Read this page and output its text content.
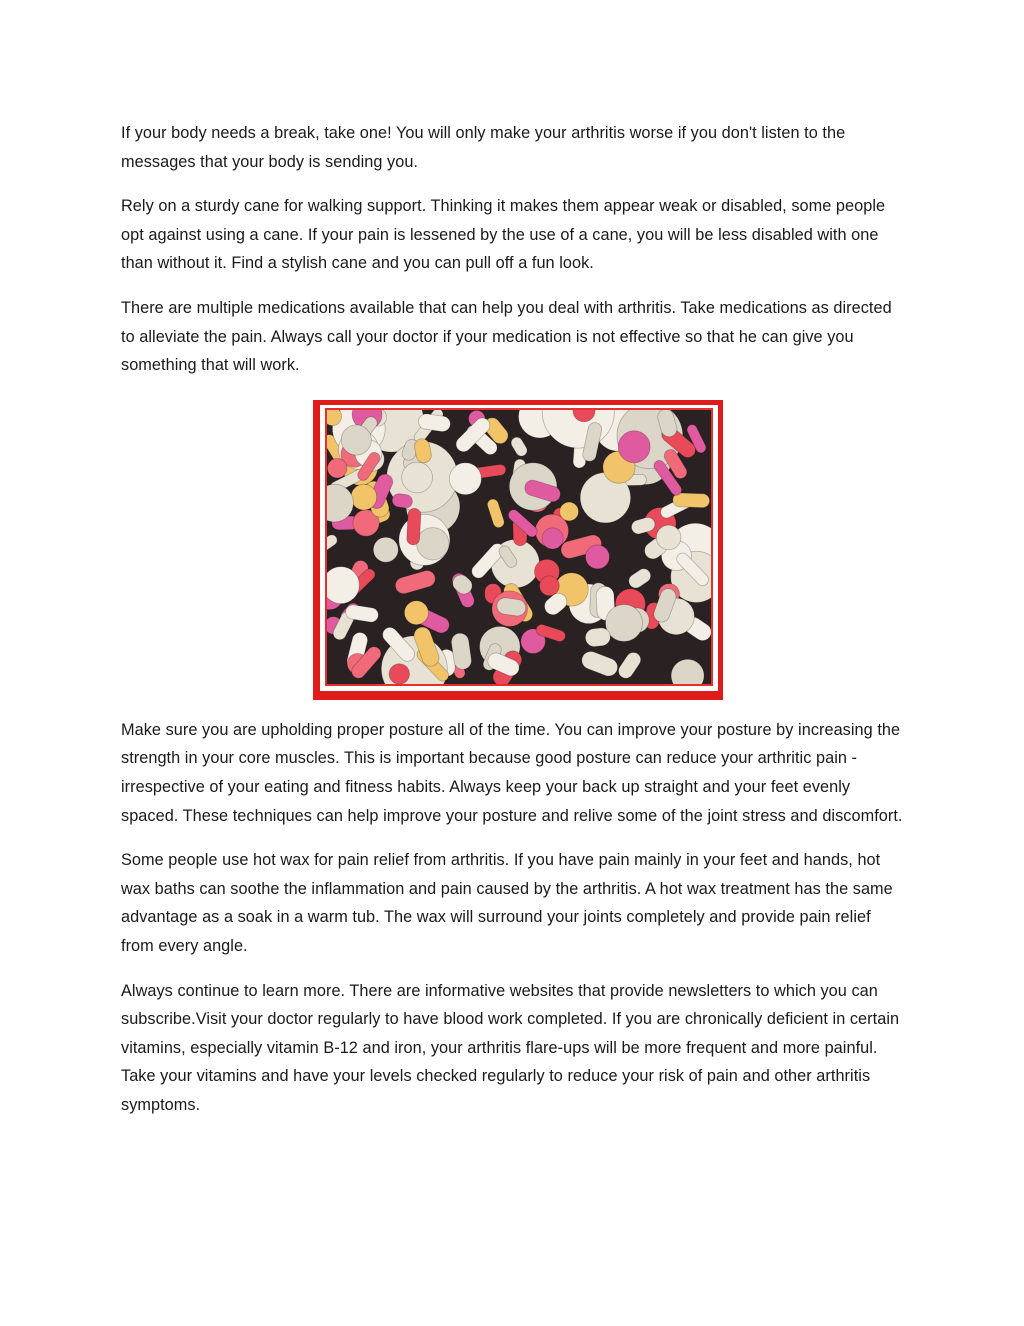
If your body needs a break, take one! You will only make your arthritis worse if you don't listen to the messages that your body is sending you.

Rely on a sturdy cane for walking support. Thinking it makes them appear weak or disabled, some people opt against using a cane. If your pain is lessened by the use of a cane, you will be less disabled with one than without it. Find a stylish cane and you can pull off a fun look.

There are multiple medications available that can help you deal with arthritis. Take medications as directed to alleviate the pain. Always call your doctor if your medication is not effective so that he can give you something that will work.

Make sure you are upholding proper posture all of the time. You can improve your posture by increasing the strength in your core muscles. This is important because good posture can reduce your arthritic pain - irrespective of your eating and fitness habits. Always keep your back up straight and your feet evenly spaced. These techniques can help improve your posture and relive some of the joint stress and discomfort.

Some people use hot wax for pain relief from arthritis. If you have pain mainly in your feet and hands, hot wax baths can soothe the inflammation and pain caused by the arthritis. A hot wax treatment has the same advantage as a soak in a warm tub. The wax will surround your joints completely and provide pain relief from every angle.

Always continue to learn more. There are informative websites that provide newsletters to which you can subscribe.Visit your doctor regularly to have blood work completed. If you are chronically deficient in certain vitamins, especially vitamin B-12 and iron, your arthritis flare-ups will be more frequent and more painful. Take your vitamins and have your levels checked regularly to reduce your risk of pain and other arthritis symptoms.
